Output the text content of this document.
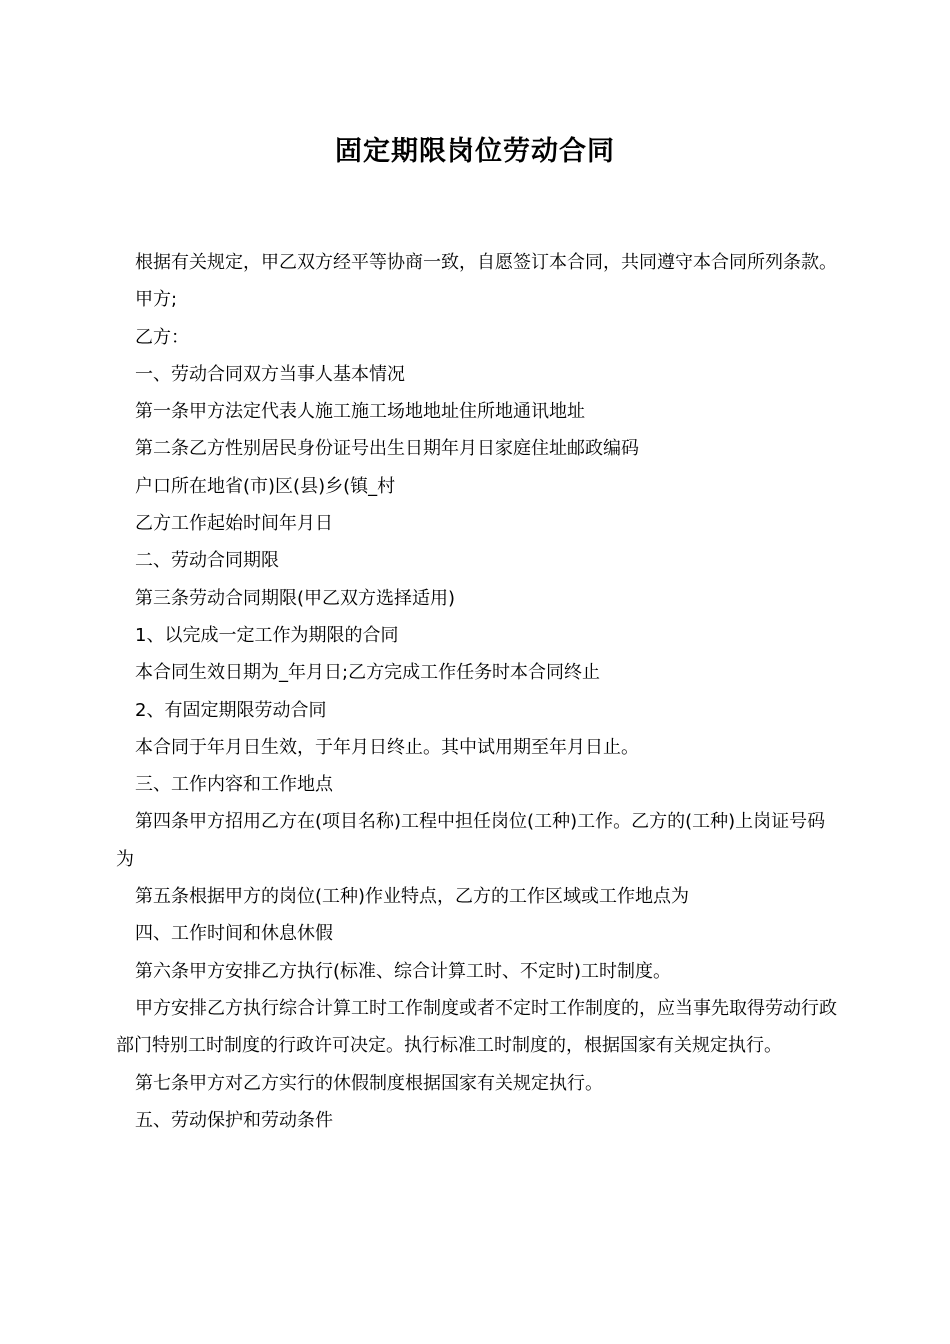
固定期限岗位劳动合同

根据有关规定，甲乙双方经平等协商一致，自愿签订本合同，共同遵守本合同所列条款。

甲方;

乙方：

一、劳动合同双方当事人基本情况

第一条甲方法定代表人施工施工场地地址住所地通讯地址

第二条乙方性别居民身份证号出生日期年月日家庭住址邮政编码

户口所在地省(市)区(县)乡(镇_村

乙方工作起始时间年月日

二、劳动合同期限

第三条劳动合同期限(甲乙双方选择适用)

1、以完成一定工作为期限的合同

本合同生效日期为_年月日;乙方完成工作任务时本合同终止

2、有固定期限劳动合同

本合同于年月日生效，于年月日终止。其中试用期至年月日止。

三、工作内容和工作地点

第四条甲方招用乙方在(项目名称)工程中担任岗位(工种)工作。乙方的(工种)上岗证号码为

第五条根据甲方的岗位(工种)作业特点，乙方的工作区域或工作地点为

四、工作时间和休息休假

第六条甲方安排乙方执行(标准、综合计算工时、不定时)工时制度。

甲方安排乙方执行综合计算工时工作制度或者不定时工作制度的，应当事先取得劳动行政部门特别工时制度的行政许可决定。执行标准工时制度的，根据国家有关规定执行。

第七条甲方对乙方实行的休假制度根据国家有关规定执行。

五、劳动保护和劳动条件
